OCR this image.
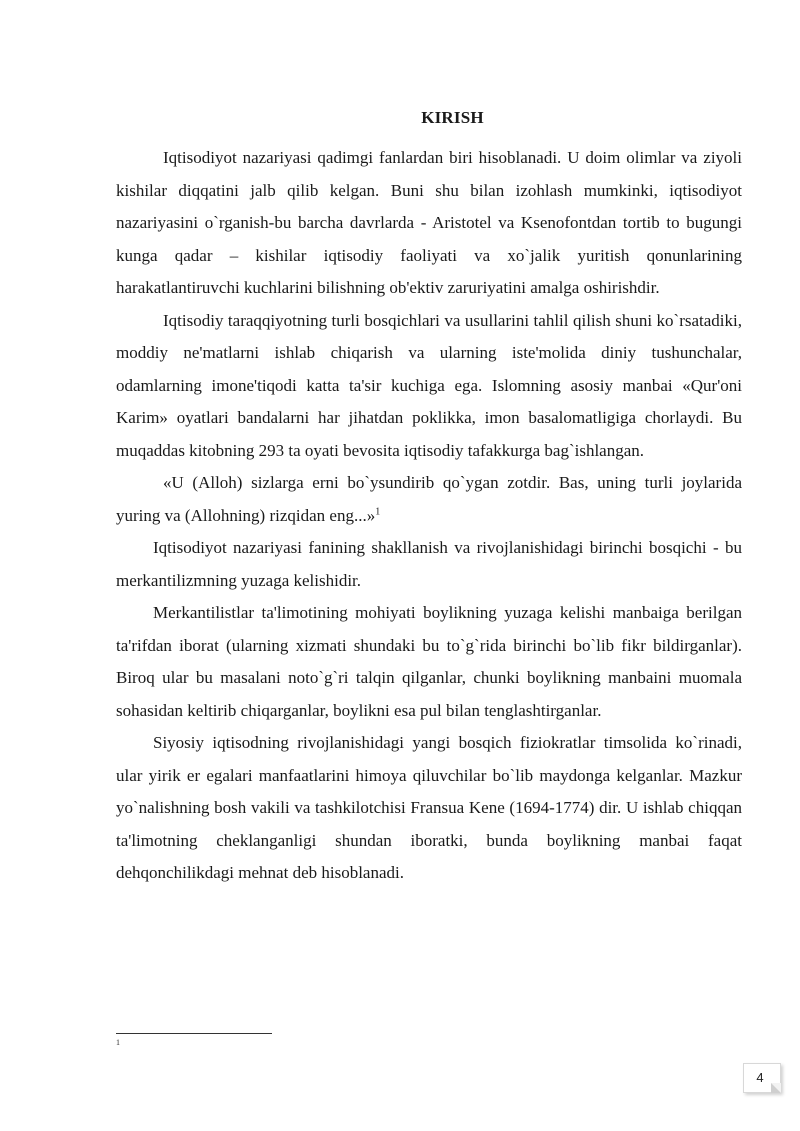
KIRISH

Iqtisodiyot nazariyasi qadimgi fanlardan biri hisoblanadi. U doim olimlar va ziyoli kishilar diqqatini jalb qilib kelgan. Buni shu bilan izohlash mumkinki, iqtisodiyot nazariyasini o`rganish-bu barcha davrlarda - Aristotel va Ksenofontdan tortib to bugungi kunga qadar – kishilar iqtisodiy faoliyati va xo`jalik yuritish qonunlarining harakatlantiruvchi kuchlarini bilishning ob'ektiv zaruriyatini amalga oshirishdir.

Iqtisodiy taraqqiyotning turli bosqichlari va usullarini tahlil qilish shuni ko`rsatadiki, moddiy ne'matlarni ishlab chiqarish va ularning iste'molida diniy tushunchalar, odamlarning imone'tiqodi katta ta'sir kuchiga ega. Islomning asosiy manbai «Qur'oni Karim» oyatlari bandalarni har jihatdan poklikka, imon basalomatligiga chorlaydi. Bu muqaddas kitobning 293 ta oyati bevosita iqtisodiy tafakkurga bag`ishlangan.

«U (Alloh) sizlarga erni bo`ysundirib qo`ygan zotdir. Bas, uning turli joylarida yuring va (Allohning) rizqidan eng...»$^1$

Iqtisodiyot nazariyasi fanining shakllanish va rivojlanishidagi birinchi bosqichi - bu merkantilizmning yuzaga kelishidir.

Merkantilistlar ta'limotining mohiyati boylikning yuzaga kelishi manbaiga berilgan ta'rifdan iborat (ularning xizmati shundaki bu to`g`rida birinchi bo`lib fikr bildirganlar). Biroq ular bu masalani noto`g`ri talqin qilganlar, chunki boylikning manbaini muomala sohasidan keltirib chiqarganlar, boylikni esa pul bilan tenglashtirganlar.

Siyosiy iqtisodning rivojlanishidagi yangi bosqich fiziokratlar timsolida ko`rinadi, ular yirik er egalari manfaatlarini himoya qiluvchilar bo`lib maydonga kelganlar. Mazkur yo`nalishning bosh vakili va tashkilotchisi Fransua Kene (1694-1774) dir. U ishlab chiqqan ta'limotning cheklanganligi shundan iboratki, bunda boylikning manbai faqat dehqonchilikdagi mehnat deb hisoblanadi.

1
4
